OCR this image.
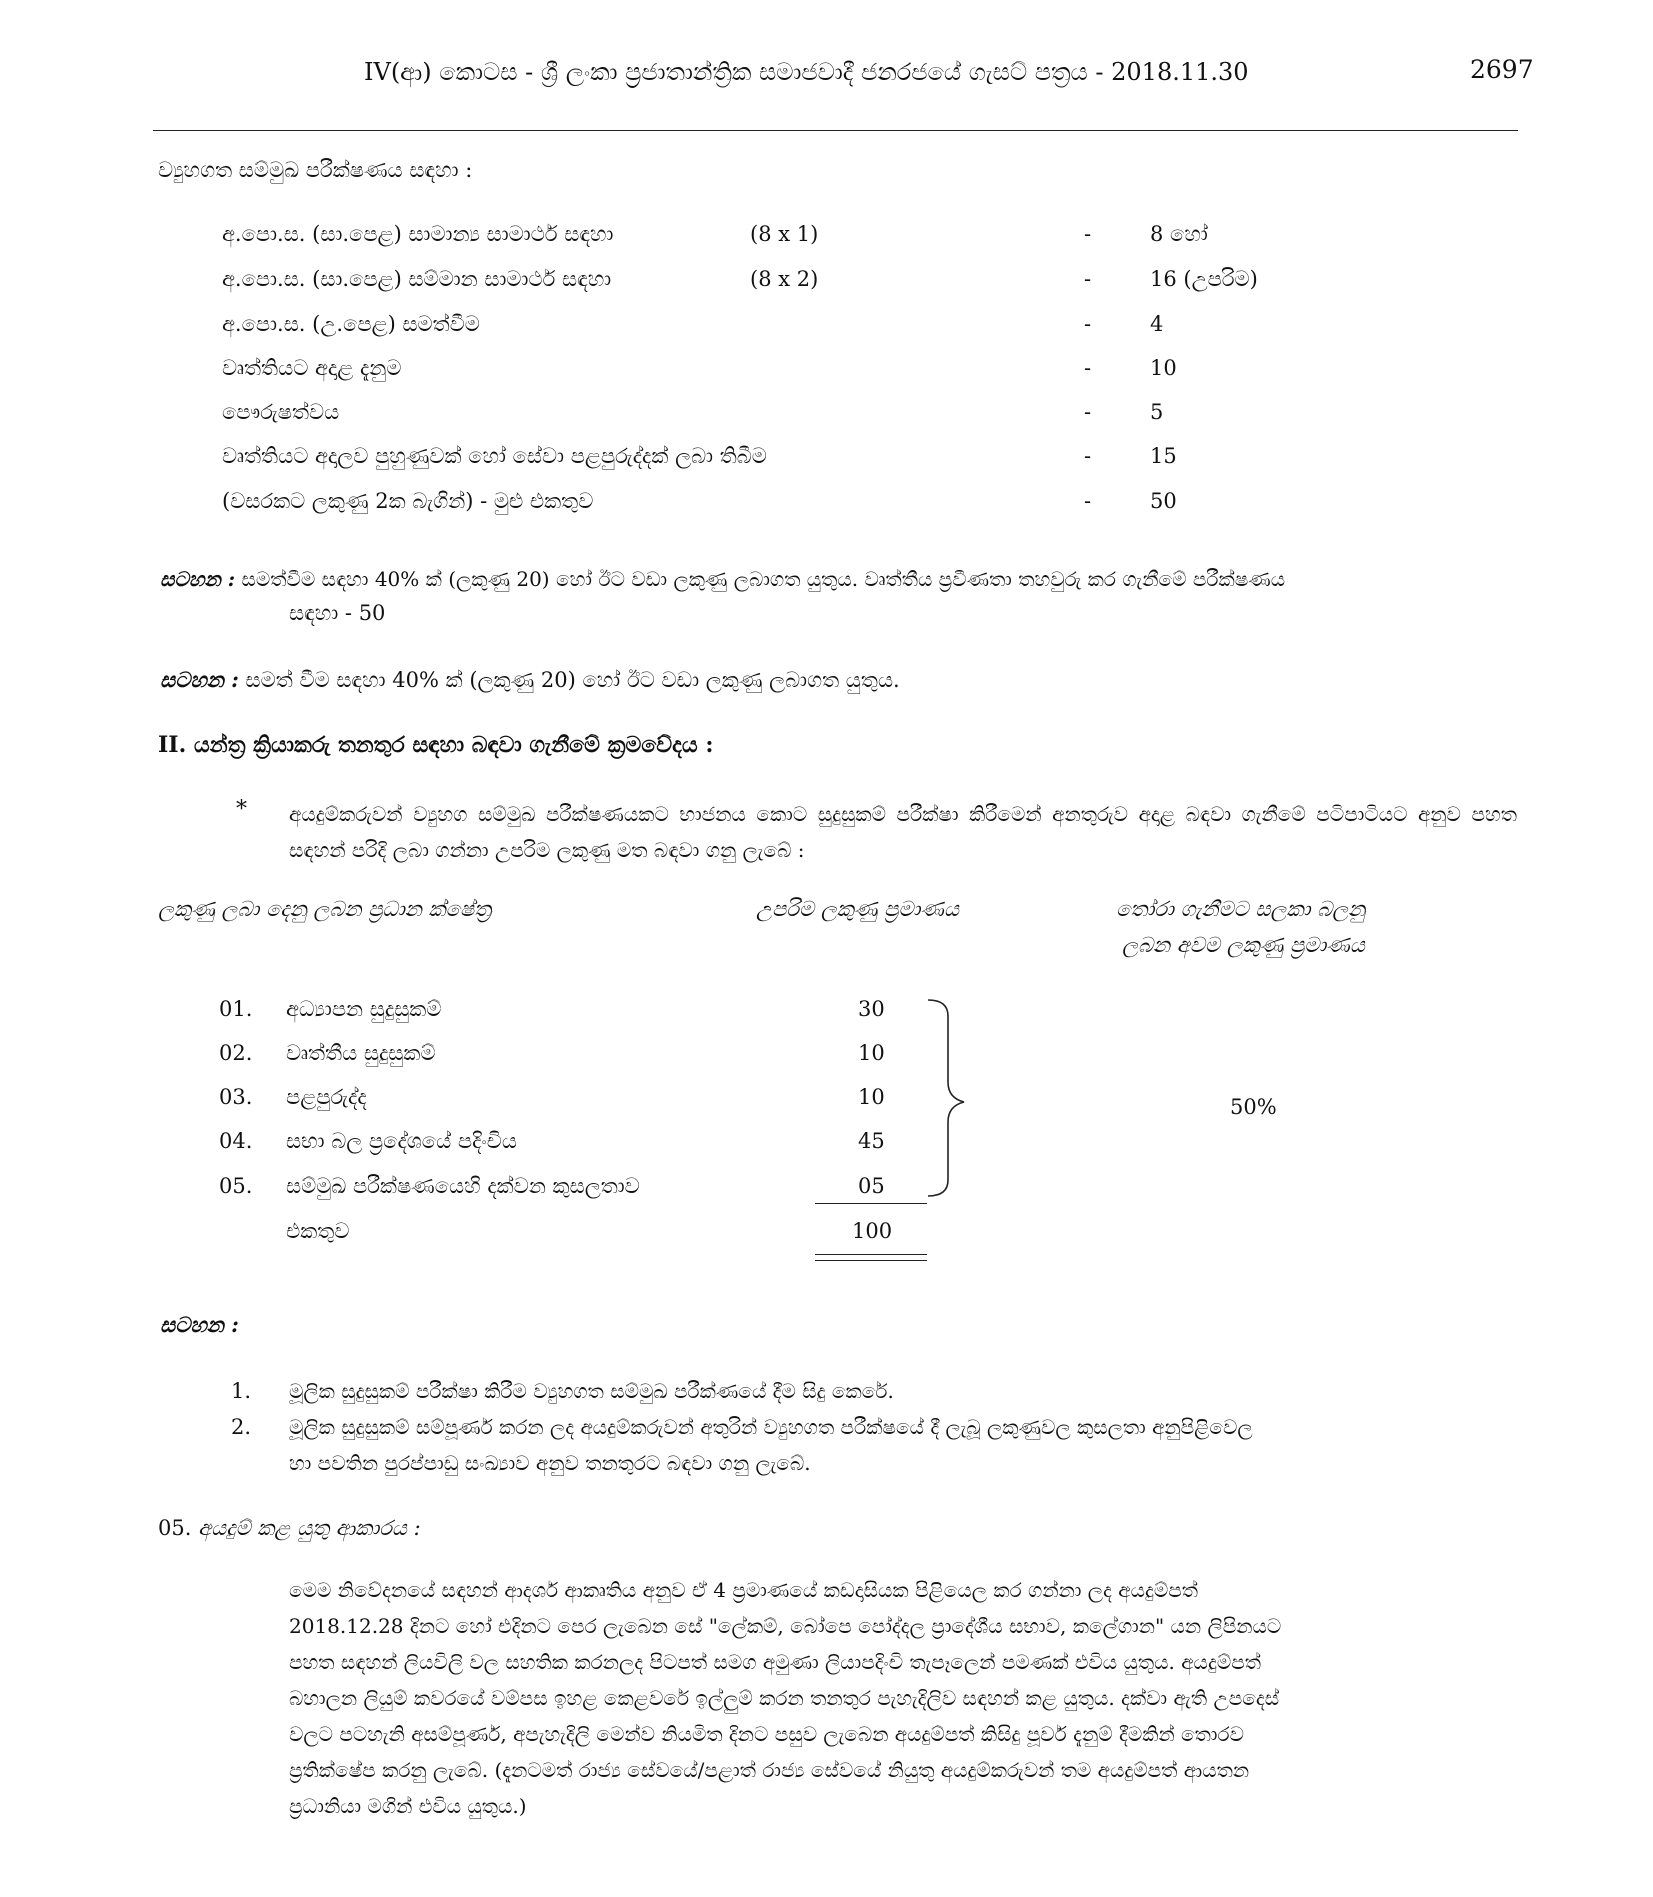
IV(ආ) කොටස - ශ්‍රී ලංකා ප්‍රජාතාන්ත්‍රික සමාජවාදී ජනරජයේ ගැසට් පත්‍රය - 2018.11.30	2697
ව්‍යුහගත සම්මුඛ පරීක්ෂණය සඳහා :
අ.පො.ස. (සා.පෙළ) සාමාන්‍ය සාමාර්ථ සඳහා	(8 x 1)	-	8 හෝ
අ.පො.ස. (සා.පෙළ) සම්මාන සාමාර්ථ සඳහා	(8 x 2)	-	16 (උපරිම)
අ.පො.ස. (උ.පෙළ) සමත්වීම	-	4
වෘත්තියට අදාළ දැනුම	-	10
පෞරුෂත්වය	-	5
වෘත්තියට අදාලව පුහුණුවක් හෝ සේවා පළපුරුද්දක් ලබා තිබීම	-	15
(වසරකට ලකුණු 2ක බැගින්) - මුළු එකතුව	-	50
සටහන : සමත්වීම සඳහා 40% ක් (ලකුණු 20) හෝ ඊට වඩා ලකුණු ලබාගත යුතුය. වෘත්තීය ප්‍රවීණතා තහවුරු කර ගැනීමේ පරීක්ෂණය
සඳහා - 50
සටහන : සමත් වීම සඳහා 40% ක් (ලකුණු 20) හෝ ඊට වඩා ලකුණු ලබාගත යුතුය.
II. යන්ත්‍ර ක්‍රියාකරු තනතුර සඳහා බඳවා ගැනීමේ ක්‍රමවේදය :
* අයදුම්කරුවන් ව්‍යුහග සම්මුඛ පරීක්ෂණයකට භාජනය කොට සුදුසුකම් පරීක්ෂා කිරීමෙන් අනතුරුව අදාළ බඳවා ගැනීමේ පටිපාටියට අනුව පහත සඳහන් පරිදි ලබා ගන්නා උපරිම ලකුණු මත බඳවා ගනු ලැබේ :
ලකුණු ලබා දෙනු ලබන ප්‍රධාන ක්ෂේත්‍ර	උපරිම ලකුණු ප්‍රමාණය	තෝරා ගැනීමට සලකා බලනු
ලබන අවම ලකුණු ප්‍රමාණය
01. අධ්‍යාපන සුදුසුකම්	30
02. වෘත්තීය සුදුසුකම්	10
03. පළපුරුද්ද	10
04. සභා බල ප්‍රදේශයේ පදිංචිය	45
05. සම්මුඛ පරීක්ෂණයෙහි දක්වන කුසලතාව	05
එකතුව	100
50%
සටහන :
1. මූලික සුදුසුකම් පරීක්ෂා කිරීම ව්‍යුහගත සම්මුඛ පරීක්ණයේ දීම සිදු කෙරේ.
2. මූලික සුදුසුකම් සම්පූර්ණ කරන ලද අයදුම්කරුවන් අතුරින් ව්‍යුහගත පරීක්ෂයේ දී ලැබූ ලකුණුවල කුසලතා අනුපිළිවෙල
හා පවතින පුරප්පාඩු සංඛ්‍යාව අනුව තනතුරට බඳවා ගනු ලැබේ.
05. අයදුම් කළ යුතු ආකාරය :
මෙම නිවේදනයේ සඳහන් ආදර්ශ ආකෘතිය අනුව ඒ 4 ප්‍රමාණයේ කඩදාසියක පිළියෙල කර ගන්නා ලද අයදුම්පත්
2018.12.28 දිනට හෝ එදිනට පෙර ලැබෙන සේ "ලේකම්, බෝපෙ පෝද්දල ප්‍රාදේශීය සභාව, කලේගාන" යන ලිපිනයට
පහත සඳහන් ලියවිලි වල සහතික කරනලද පිටපත් සමග අමුණා ලියාපදිංචි තැපෑලෙන් පමණක් එවිය යුතුය. අයදුම්පත්
බහාලන ලියුම් කවරයේ වම්පස ඉහළ කෙළවරේ ඉල්ලුම් කරන තනතුර පැහැදිලිව සඳහන් කළ යුතුය. දක්වා ඇති උපදෙස්
වලට පටහැනි අසම්පූර්ණ, අපැහැදිලි මෙන්ව නියමිත දිනට පසුව ලැබෙන අයදුම්පත් කිසිදු පූර්ව දැනුම් දීමකින් තොරව
ප්‍රතික්ෂේප කරනු ලැබේ. (දැනටමත් රාජ්‍ය සේවයේ/පළාත් රාජ්‍ය සේවයේ නියුතු අයදුම්කරුවන් තම අයදුම්පත් ආයතන
ප්‍රධානියා මගින් එවිය යුතුය.)
